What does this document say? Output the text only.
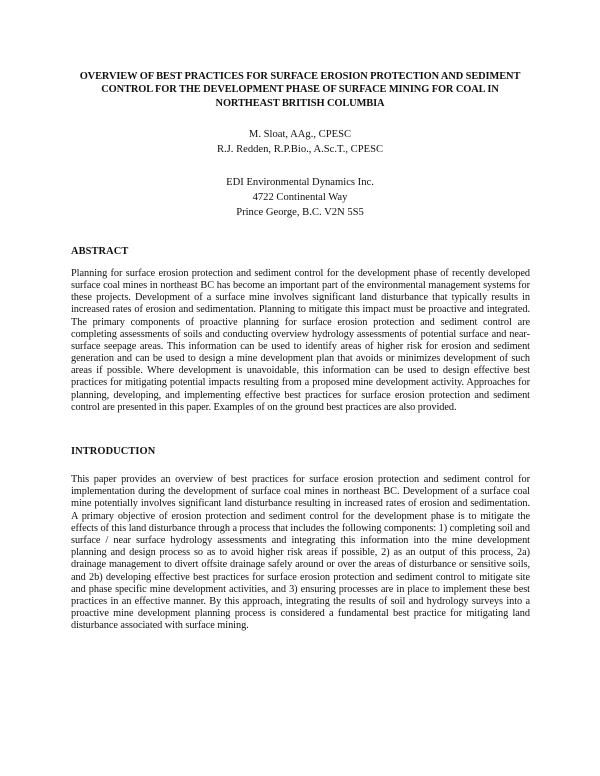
OVERVIEW OF BEST PRACTICES FOR SURFACE EROSION PROTECTION AND SEDIMENT CONTROL FOR THE DEVELOPMENT PHASE OF SURFACE MINING FOR COAL IN NORTHEAST BRITISH COLUMBIA
M. Sloat, AAg., CPESC
R.J. Redden, R.P.Bio., A.Sc.T., CPESC
EDI Environmental Dynamics Inc.
4722 Continental Way
Prince George, B.C. V2N 5S5
ABSTRACT
Planning for surface erosion protection and sediment control for the development phase of recently developed surface coal mines in northeast BC has become an important part of the environmental management systems for these projects. Development of a surface mine involves significant land disturbance that typically results in increased rates of erosion and sedimentation. Planning to mitigate this impact must be proactive and integrated. The primary components of proactive planning for surface erosion protection and sediment control are completing assessments of soils and conducting overview hydrology assessments of potential surface and near-surface seepage areas. This information can be used to identify areas of higher risk for erosion and sediment generation and can be used to design a mine development plan that avoids or minimizes development of such areas if possible. Where development is unavoidable, this information can be used to design effective best practices for mitigating potential impacts resulting from a proposed mine development activity. Approaches for planning, developing, and implementing effective best practices for surface erosion protection and sediment control are presented in this paper. Examples of on the ground best practices are also provided.
INTRODUCTION
This paper provides an overview of best practices for surface erosion protection and sediment control for implementation during the development of surface coal mines in northeast BC. Development of a surface coal mine potentially involves significant land disturbance resulting in increased rates of erosion and sedimentation. A primary objective of erosion protection and sediment control for the development phase is to mitigate the effects of this land disturbance through a process that includes the following components: 1) completing soil and surface / near surface hydrology assessments and integrating this information into the mine development planning and design process so as to avoid higher risk areas if possible, 2) as an output of this process, 2a) drainage management to divert offsite drainage safely around or over the areas of disturbance or sensitive soils, and 2b) developing effective best practices for surface erosion protection and sediment control to mitigate site and phase specific mine development activities, and 3) ensuring processes are in place to implement these best practices in an effective manner. By this approach, integrating the results of soil and hydrology surveys into a proactive mine development planning process is considered a fundamental best practice for mitigating land disturbance associated with surface mining.
